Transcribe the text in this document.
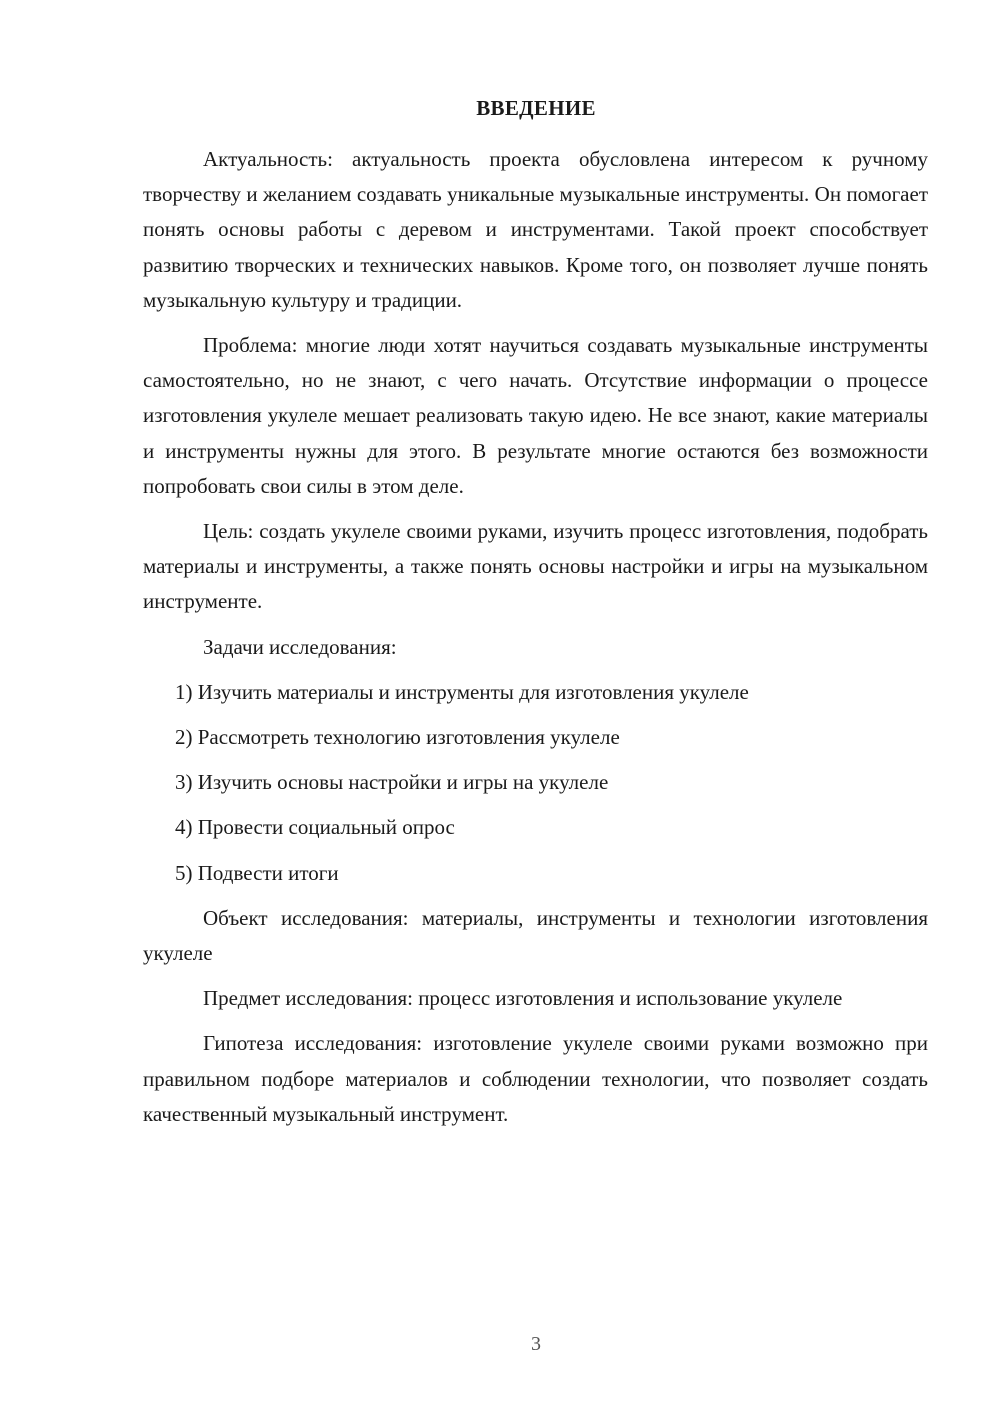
ВВЕДЕНИЕ

Актуальность: актуальность проекта обусловлена интересом к ручному творчеству и желанием создавать уникальные музыкальные инструменты. Он помогает понять основы работы с деревом и инструментами. Такой проект способствует развитию творческих и технических навыков. Кроме того, он позволяет лучше понять музыкальную культуру и традиции.

Проблема: многие люди хотят научиться создавать музыкальные инструменты самостоятельно, но не знают, с чего начать. Отсутствие информации о процессе изготовления укулеле мешает реализовать такую идею. Не все знают, какие материалы и инструменты нужны для этого. В результате многие остаются без возможности попробовать свои силы в этом деле.

Цель: создать укулеле своими руками, изучить процесс изготовления, подобрать материалы и инструменты, а также понять основы настройки и игры на музыкальном инструменте.

Задачи исследования:

1) Изучить материалы и инструменты для изготовления укулеле

2) Рассмотреть технологию изготовления укулеле

3) Изучить основы настройки и игры на укулеле

4) Провести социальный опрос

5) Подвести итоги

Объект исследования: материалы, инструменты и технологии изготовления укулеле

Предмет исследования: процесс изготовления и использование укулеле

Гипотеза исследования: изготовление укулеле своими руками возможно при правильном подборе материалов и соблюдении технологии, что позволяет создать качественный музыкальный инструмент.

3
